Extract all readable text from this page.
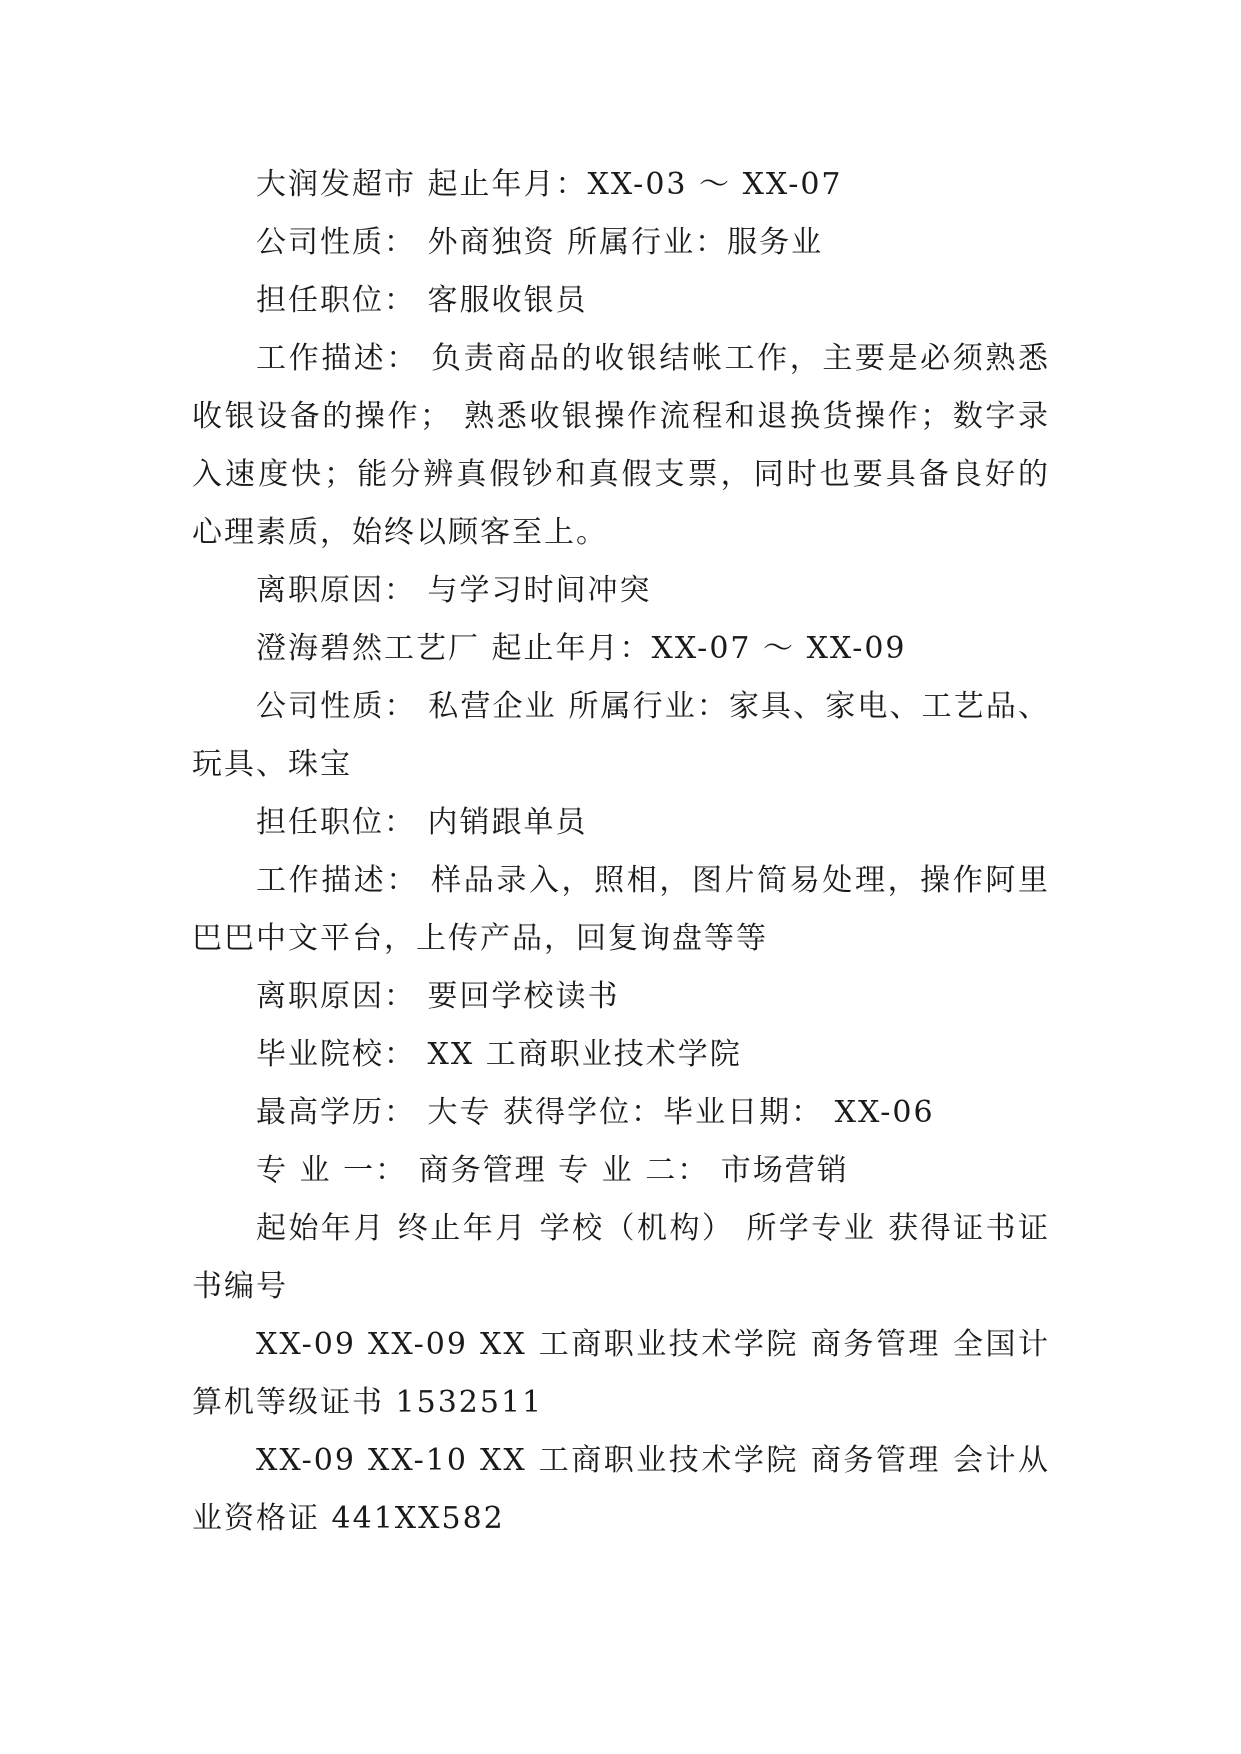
大润发超市 起止年月：XX-03 ～ XX-07

公司性质： 外商独资 所属行业：服务业

担任职位： 客服收银员

工作描述： 负责商品的收银结帐工作，主要是必须熟悉收银设备的操作； 熟悉收银操作流程和退换货操作；数字录入速度快；能分辨真假钞和真假支票，同时也要具备良好的心理素质，始终以顾客至上。

离职原因： 与学习时间冲突

澄海碧然工艺厂 起止年月：XX-07 ～ XX-09

公司性质： 私营企业 所属行业：家具、家电、工艺品、玩具、珠宝

担任职位： 内销跟单员

工作描述： 样品录入，照相，图片简易处理，操作阿里巴巴中文平台，上传产品，回复询盘等等

离职原因： 要回学校读书

毕业院校： XX 工商职业技术学院

最高学历： 大专 获得学位：毕业日期： XX-06

专 业 一： 商务管理 专 业 二： 市场营销

起始年月 终止年月 学校（机构） 所学专业 获得证书证书编号

XX-09 XX-09 XX 工商职业技术学院 商务管理 全国计算机等级证书 1532511

XX-09 XX-10 XX 工商职业技术学院 商务管理 会计从业资格证 441XX582
